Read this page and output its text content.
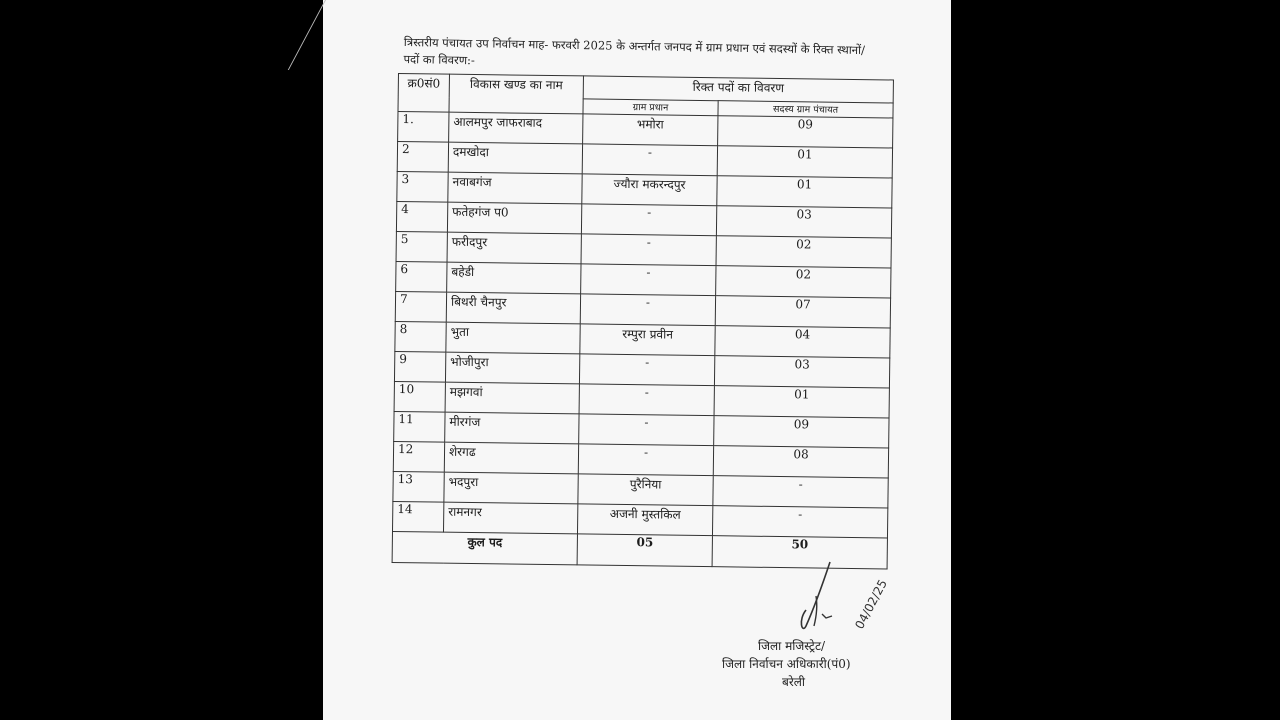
त्रिस्तरीय पंचायत उप निर्वाचन माह- फरवरी 2025 के अन्तर्गत जनपद में ग्राम प्रधान एवं सदस्यों के रिक्त स्थानों/पदों का विवरण:-
क्र0सं0	विकास खण्ड का नाम	रिक्त पदों का विवरण	
		ग्राम प्रधान	सदस्य ग्राम पंचायत
1.	आलमपुर जाफराबाद	भमोरा	09
2	दमखोदा	-	01
3	नवाबगंज	ज्यौरा मकरन्दपुर	01
4	फतेहगंज प0	-	03
5	फरीदपुर	-	02
6	बहेडी	-	02
7	बिथरी चैनपुर	-	07
8	भुता	रम्पुरा प्रवीन	04
9	भोजीपुरा	-	03
10	मझगवां	-	01
11	मीरगंज	-	09
12	शेरगढ	-	08
13	भदपुरा	पुरैनिया	-
14	रामनगर	अजनी मुस्तकिल	-
कुल पद		05	50
04/02/25
जिला मजिस्ट्रेट/
जिला निर्वाचन अधिकारी(पं0)
बरेली
